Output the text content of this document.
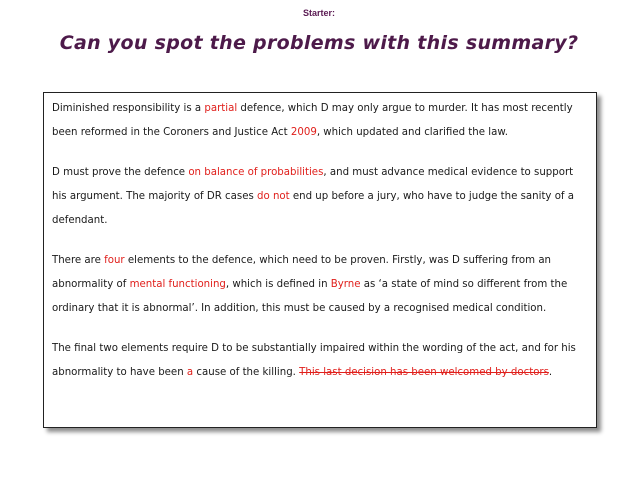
Starter:
Can you spot the problems with this summary?

Diminished responsibility is a partial defence, which D may only argue to murder. It has most recently been reformed in the Coroners and Justice Act 2009, which updated and clarified the law.

D must prove the defence on balance of probabilities, and must advance medical evidence to support his argument. The majority of DR cases do not end up before a jury, who have to judge the sanity of a defendant.

There are four elements to the defence, which need to be proven. Firstly, was D suffering from an abnormality of mental functioning, which is defined in Byrne as ‘a state of mind so different from the ordinary that it is abnormal’. In addition, this must be caused by a recognised medical condition.

The final two elements require D to be substantially impaired within the wording of the act, and for his abnormality to have been a cause of the killing. This last decision has been welcomed by doctors.
